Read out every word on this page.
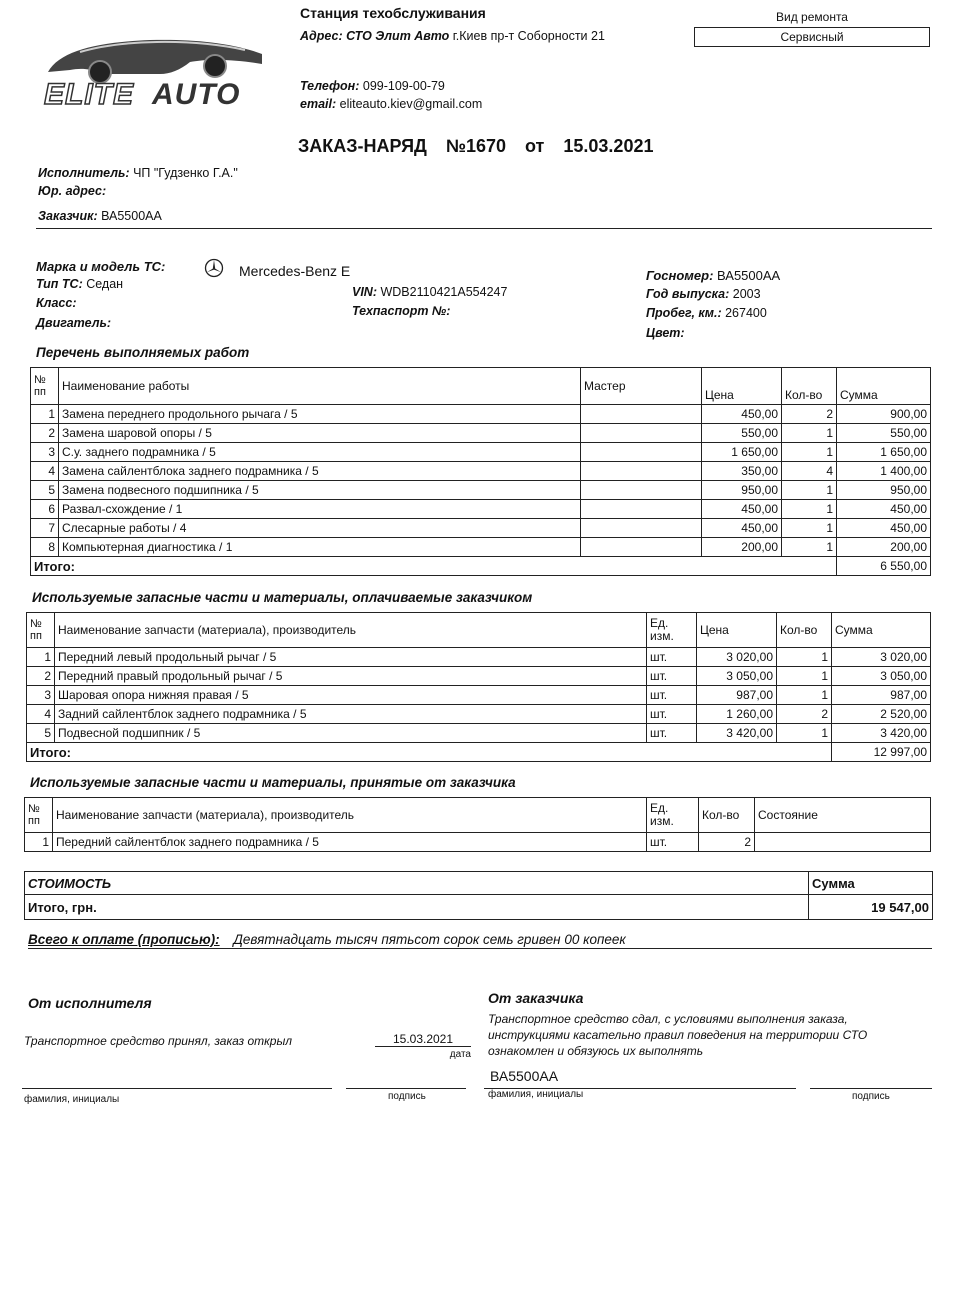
ELITE AUTO
Станция техобслуживания
Адрес: СТО Элит Авто г.Киев пр-т Соборности 21
Телефон: 099-109-00-79
email: eliteauto.kiev@gmail.com
Вид ремонта
Сервисный
ЗАКАЗ-НАРЯД №1670 от 15.03.2021
Исполнитель: ЧП "Гудзенко Г.А."
Юр. адрес:
Заказчик: ВА5500АА
Марка и модель ТС:	Mercedes-Benz E
Тип ТС: Седан
Класс:
Двигатель:
VIN: WDB2110421A554247
Техпаспорт №:
Госномер: ВА5500АА
Год выпуска: 2003
Пробег, км.: 267400
Цвет:
Перечень выполняемых работ
№ пп	Наименование работы	Мастер	Цена	Кол-во	Сумма
1	Замена переднего продольного рычага / 5		450,00	2	900,00
2	Замена шаровой опоры / 5		550,00	1	550,00
3	С.у. заднего подрамника / 5		1 650,00	1	1 650,00
4	Замена сайлентблока заднего подрамника / 5		350,00	4	1 400,00
5	Замена подвесного подшипника / 5		950,00	1	950,00
6	Развал-схождение / 1		450,00	1	450,00
7	Слесарные работы / 4		450,00	1	450,00
8	Компьютерная диагностика / 1		200,00	1	200,00
Итого:					6 550,00
Используемые запасные части и материалы, оплачиваемые заказчиком
№ пп	Наименование запчасти (материала), производитель	Ед. изм.	Цена	Кол-во	Сумма
1	Передний левый продольный рычаг / 5	шт.	3 020,00	1	3 020,00
2	Передний правый продольный рычаг / 5	шт.	3 050,00	1	3 050,00
3	Шаровая опора нижняя правая / 5	шт.	987,00	1	987,00
4	Задний сайлентблок заднего подрамника / 5	шт.	1 260,00	2	2 520,00
5	Подвесной подшипник / 5	шт.	3 420,00	1	3 420,00
Итого:					12 997,00
Используемые запасные части и материалы, принятые от заказчика
№ пп	Наименование запчасти (материала), производитель	Ед. изм.	Кол-во	Состояние
1	Передний сайлентблок заднего подрамника / 5	шт.	2	
СТОИМОСТЬ	Сумма
Итого, грн.	19 547,00
Всего к оплате (прописью): Девятнадцать тысяч пятьсот сорок семь гривен 00 копеек
От исполнителя
Транспортное средство принял, заказ открыл	15.03.2021
дата
От заказчика
Транспортное средство сдал, с условиями выполнения заказа, инструкциями касательно правил поведения на территории СТО ознакомлен и обязуюсь их выполнять
ВА5500АА
фамилия, инициалы	подпись	фамилия, инициалы	подпись
